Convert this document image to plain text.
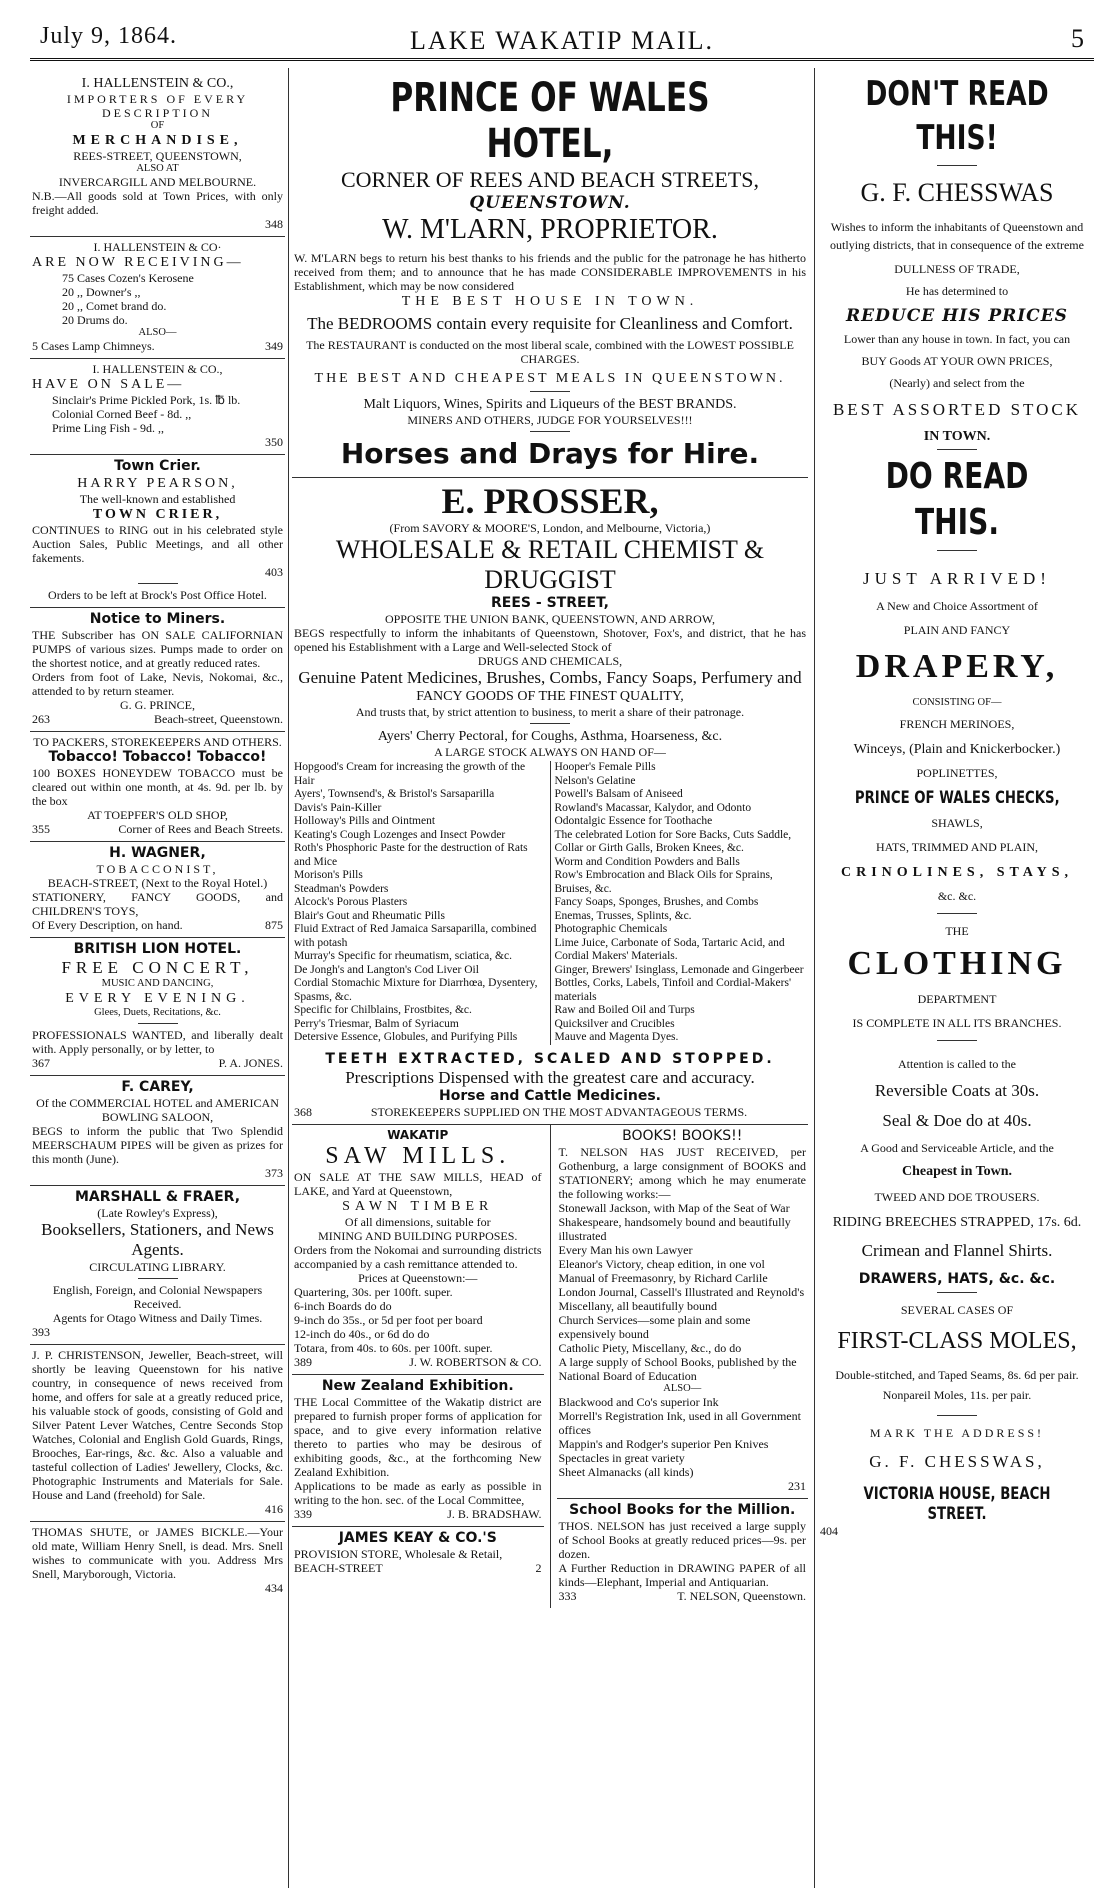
July 9, 1864.	LAKE WAKATIP MAIL.	5
I. HALLENSTEIN & CO.,
IMPORTERS OF EVERY DESCRIPTION
OF
MERCHANDISE,
REES-STREET, QUEENSTOWN,
ALSO AT
INVERCARGILL AND MELBOURNE.
N.B.—All goods sold at Town Prices, with only freight added.
348
I. HALLENSTEIN & CO·
ARE NOW RECEIVING—
75 Cases Cozen's Kerosene
20 ,, Downer's ,,
20 ,, Comet brand do.
20 Drums do.
ALSO—
5 Cases Lamp Chimneys.	349
I. HALLENSTEIN & CO.,
HAVE ON SALE—
Sinclair's Prime Pickled Pork, 1s. ℔ lb.
Colonial Corned Beef - 8d. ,,
Prime Ling Fish - 9d. ,,
350
Town Crier.
HARRY PEARSON,
The well-known and established
TOWN CRIER,
CONTINUES to RING out in his celebrated style Auction Sales, Public Meetings, and all other fakements.
403
Orders to be left at Brock's Post Office Hotel.
Notice to Miners.
THE Subscriber has ON SALE CALIFORNIAN PUMPS of various sizes. Pumps made to order on the shortest notice, and at greatly reduced rates.
Orders from foot of Lake, Nevis, Nokomai, &c., attended to by return steamer.
G. G. PRINCE,
263	Beach-street, Queenstown.
TO PACKERS, STOREKEEPERS AND OTHERS.
Tobacco! Tobacco! Tobacco!
100 BOXES HONEYDEW TOBACCO must be cleared out within one month, at 4s. 9d. per lb. by the box
AT TOEPFER'S OLD SHOP,
355	Corner of Rees and Beach Streets.
H. WAGNER,
TOBACCONIST,
BEACH-STREET, (Next to the Royal Hotel.)
STATIONERY, FANCY GOODS, and CHILDREN'S TOYS,
Of Every Description, on hand.	875
BRITISH LION HOTEL.
FREE CONCERT,
MUSIC AND DANCING,
EVERY EVENING.
Glees, Duets, Recitations, &c.
PROFESSIONALS WANTED, and liberally dealt with. Apply personally, or by letter, to
367	P. A. JONES.
F. CAREY,
Of the COMMERCIAL HOTEL and AMERICAN BOWLING SALOON,
BEGS to inform the public that Two Splendid MEERSCHAUM PIPES will be given as prizes for this month (June).
373
MARSHALL & FRAER,
(Late Rowley's Express),
Booksellers, Stationers, and News Agents.
CIRCULATING LIBRARY.
English, Foreign, and Colonial Newspapers Received.
Agents for Otago Witness and Daily Times.
393
J. P. CHRISTENSON, Jeweller, Beach-street, will shortly be leaving Queenstown for his native country, in consequence of news received from home, and offers for sale at a greatly reduced price, his valuable stock of goods, consisting of Gold and Silver Patent Lever Watches, Centre Seconds Stop Watches, Colonial and English Gold Guards, Rings, Brooches, Ear-rings, &c. &c. Also a valuable and tasteful collection of Ladies' Jewellery, Clocks, &c. Photographic Instruments and Materials for Sale. House and Land (freehold) for Sale.
416
THOMAS SHUTE, or JAMES BICKLE.—Your old mate, William Henry Snell, is dead. Mrs. Snell wishes to communicate with you. Address Mrs Snell, Maryborough, Victoria.
434
PRINCE OF WALES HOTEL,
CORNER OF REES AND BEACH STREETS,
QUEENSTOWN.
W. M'LARN, PROPRIETOR.
W. M'LARN begs to return his best thanks to his friends and the public for the patronage he has hitherto received from them; and to announce that he has made CONSIDERABLE IMPROVEMENTS in his Establishment, which may be now considered
THE BEST HOUSE IN TOWN.
The BEDROOMS contain every requisite for Cleanliness and Comfort.
The RESTAURANT is conducted on the most liberal scale, combined with the LOWEST POSSIBLE CHARGES.
THE BEST AND CHEAPEST MEALS IN QUEENSTOWN.
Malt Liquors, Wines, Spirits and Liqueurs of the BEST BRANDS.
MINERS AND OTHERS, JUDGE FOR YOURSELVES!!!
Horses and Drays for Hire.
E. PROSSER,
(From SAVORY & MOORE'S, London, and Melbourne, Victoria,)
WHOLESALE & RETAIL CHEMIST & DRUGGIST
REES - STREET,
OPPOSITE THE UNION BANK, QUEENSTOWN, AND ARROW,
BEGS respectfully to inform the inhabitants of Queenstown, Shotover, Fox's, and district, that he has opened his Establishment with a Large and Well-selected Stock of
DRUGS AND CHEMICALS,
Genuine Patent Medicines, Brushes, Combs, Fancy Soaps, Perfumery and
FANCY GOODS OF THE FINEST QUALITY,
And trusts that, by strict attention to business, to merit a share of their patronage.
Ayers' Cherry Pectoral, for Coughs, Asthma, Hoarseness, &c.
A LARGE STOCK ALWAYS ON HAND OF—
Hopgood's Cream for increasing the growth of the Hair
Ayers', Townsend's, & Bristol's Sarsaparilla
Davis's Pain-Killer
Holloway's Pills and Ointment
Keating's Cough Lozenges and Insect Powder
Roth's Phosphoric Paste for the destruction of Rats and Mice
Morison's Pills
Steadman's Powders
Alcock's Porous Plasters
Blair's Gout and Rheumatic Pills
Fluid Extract of Red Jamaica Sarsaparilla, combined with potash
Murray's Specific for rheumatism, sciatica, &c.
De Jongh's and Langton's Cod Liver Oil
Cordial Stomachic Mixture for Diarrhœa, Dysentery, Spasms, &c.
Specific for Chilblains, Frostbites, &c.
Perry's Triesmar, Balm of Syriacum
Detersive Essence, Globules, and Purifying Pills
Hooper's Female Pills
Nelson's Gelatine
Powell's Balsam of Aniseed
Rowland's Macassar, Kalydor, and Odonto
Odontalgic Essence for Toothache
The celebrated Lotion for Sore Backs, Cuts Saddle, Collar or Girth Galls, Broken Knees, &c.
Worm and Condition Powders and Balls
Row's Embrocation and Black Oils for Sprains, Bruises, &c.
Fancy Soaps, Sponges, Brushes, and Combs
Enemas, Trusses, Splints, &c.
Photographic Chemicals
Lime Juice, Carbonate of Soda, Tartaric Acid, and Cordial Makers' Materials.
Ginger, Brewers' Isinglass, Lemonade and Gingerbeer Bottles, Corks, Labels, Tinfoil and Cordial-Makers' materials
Raw and Boiled Oil and Turps
Quicksilver and Crucibles
Mauve and Magenta Dyes.
TEETH EXTRACTED, SCALED AND STOPPED.
Prescriptions Dispensed with the greatest care and accuracy.
Horse and Cattle Medicines.
368	STOREKEEPERS SUPPLIED ON THE MOST ADVANTAGEOUS TERMS.
WAKATIP
SAW MILLS.
ON SALE AT THE SAW MILLS, HEAD of LAKE, and Yard at Queenstown,
SAWN TIMBER
Of all dimensions, suitable for
MINING AND BUILDING PURPOSES.
Orders from the Nokomai and surrounding districts accompanied by a cash remittance attended to.
Prices at Queenstown:—
Quartering, 30s. per 100ft. super.
6-inch Boards do do
9-inch do 35s., or 5d per foot per board
12-inch do 40s., or 6d do do
Totara, from 40s. to 60s. per 100ft. super.
389	J. W. ROBERTSON & CO.
New Zealand Exhibition.
THE Local Committee of the Wakatip district are prepared to furnish proper forms of application for space, and to give every information relative thereto to parties who may be desirous of exhibiting goods, &c., at the forthcoming New Zealand Exhibition.
Applications to be made as early as possible in writing to the hon. sec. of the Local Committee,
339	J. B. BRADSHAW.
JAMES KEAY & CO.'S
PROVISION STORE, Wholesale & Retail,
BEACH-STREET	2
BOOKS! BOOKS!!
T. NELSON HAS JUST RECEIVED, per Gothenburg, a large consignment of BOOKS and STATIONERY; among which he may enumerate the following works:—
Stonewall Jackson, with Map of the Seat of War
Shakespeare, handsomely bound and beautifully illustrated
Every Man his own Lawyer
Eleanor's Victory, cheap edition, in one vol
Manual of Freemasonry, by Richard Carlile
London Journal, Cassell's Illustrated and Reynold's Miscellany, all beautifully bound
Church Services—some plain and some expensively bound
Catholic Piety, Miscellany, &c., do do
A large supply of School Books, published by the National Board of Education
ALSO—
Blackwood and Co's superior Ink
Morrell's Registration Ink, used in all Government offices
Mappin's and Rodger's superior Pen Knives
Spectacles in great variety
Sheet Almanacks (all kinds)
231
School Books for the Million.
THOS. NELSON has just received a large supply of School Books at greatly reduced prices—9s. per dozen.
A Further Reduction in DRAWING PAPER of all kinds—Elephant, Imperial and Antiquarian.
333	T. NELSON, Queenstown.
DON'T READ THIS!
G. F. CHESSWAS
Wishes to inform the inhabitants of Queenstown and outlying districts, that in consequence of the extreme
DULLNESS OF TRADE,
He has determined to
REDUCE HIS PRICES
Lower than any house in town. In fact, you can
BUY Goods AT YOUR OWN PRICES,
(Nearly) and select from the
BEST ASSORTED STOCK
IN TOWN.
DO READ THIS.
JUST ARRIVED!
A New and Choice Assortment of
PLAIN AND FANCY
DRAPERY,
CONSISTING OF—
FRENCH MERINOES,
Winceys, (Plain and Knickerbocker.)
POPLINETTES,
PRINCE OF WALES CHECKS,
SHAWLS,
HATS, TRIMMED AND PLAIN,
CRINOLINES, STAYS,
&c. &c.
THE
CLOTHING
DEPARTMENT
IS COMPLETE IN ALL ITS BRANCHES.
Attention is called to the
Reversible Coats at 30s.
Seal & Doe do at 40s.
A Good and Serviceable Article, and the
Cheapest in Town.
TWEED AND DOE TROUSERS.
RIDING BREECHES STRAPPED, 17s. 6d.
Crimean and Flannel Shirts.
DRAWERS, HATS, &c. &c.
SEVERAL CASES OF
FIRST-CLASS MOLES,
Double-stitched, and Taped Seams, 8s. 6d per pair. Nonpareil Moles, 11s. per pair.
MARK THE ADDRESS!
G. F. CHESSWAS,
VICTORIA HOUSE, BEACH STREET.
404
